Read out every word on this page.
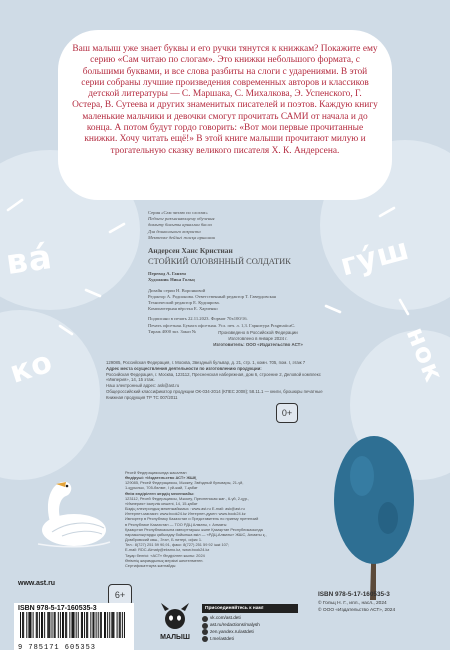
ва́	гу́ш
ко	нок

Ваш малыш уже знает буквы и его ручки тянутся к книжкам? Покажите ему серию «Сам читаю по слогам». Это книжки небольшого формата, с большими буквами, и все слова разбиты на слоги с ударениями. В этой серии собраны лучшие произведения современных авторов и классиков детской литературы — С. Маршака, С. Михалкова, Э. Успенского, Г. Остера, В. Сутеева и других знаменитых писателей и поэтов. Каждую книгу маленькие мальчики и девочки смогут прочитать САМИ от начала и до конца. А потом будут гордо говорить: «Вот мои первые прочитанные книжки. Хочу читать ещё!» В этой книге малыши прочитают милую и трогательную сказку великого писателя Х. К. Андерсена.

Серия «Сам читаю по слогам»
Педагог разъясняющему обучения
дамыту бағыты арналған басла
Для дошкольного возраста
Мектепке дейінгі жасқа арналған
Андерсен Ханс Кристиан
СТОЙКИЙ ОЛОВЯННЫЙ СОЛДАТИК
Перевод А. Ганзен
Художник Ника Гольц
Дизайн серии Н. Воронковой
Редактор А. Родионова. Ответственный редактор Т. Гавердовская
Технический редактор Е. Кудиярова.
Компьютерная вёрстка Е. Харченко
Подписано в печать 22.11.2023. Формат 70x100/16.
Печать офсетная. Бумага офсетная. Усл. печ. л. 1,3. Гарнитура PragmaticaC.
Тираж 4000 экз. Заказ №	Произведено в Российской Федерации
Изготовлено в январе 2024 г.
Изготовитель: ООО «Издательство АСТ»
129085, Российская Федерация, г. Москва, Звездный бульвар, д. 21, стр. 1, комн. 705, пом. I, этаж 7
Адрес места осуществления деятельности по изготовлению продукции:
Российская Федерация, г. Москва, 123112, Пресненская набережная, дом 6, строение 2, Деловой комплекс «Империя», 14, 15 этаж.
Наш электронный адрес: ask@ast.ru
Общероссийский классификатор продукции ОК-034-2014 (КПЕС 2008); 58.11.1 — книги, брошюры печатные
Книжная продукция ТР ТС 007/2011
0+
Ресей Федерациясында жасалған
Өндіруші: «Издательство АСТ» ЖШҚ
129085, Ресей Федерациясы, Мәскеу, Звёздный бульвары, 21-үй,
1-құрылыс, 705-бөлме, I үй-жай, 7-қабат
Өнім өндірілген жердің мекенжайы:
123112, Ресей Федерациясы, Мәскеу, Пресненская жағ., 6-үй, 2-құр.,
«Империя» іскерлік кешені, 14, 15-қабат
Біздің электрондық мекенжайымыз : www.ast.ru E-mail: ask@ast.ru
Интернет-магазин: www.book24.kz Интернет-дүкен: www.book24.kz
Импортер в Республику Казахстан и Представитель по приему претензий
в Республике Казахстан — ТОО РДЦ Алматы, г. Алматы
Қазақстан Республикасына импорттаушы және Қазақстан Республикасында
наразылықтарды қабылдау бойынша өкіл — «РДЦ-Алматы» ЖШС, Алматы қ.,
Домбровский көш., 3«а», Б литері, офис 1.
Тел.: 8(727) 251 59 90,91, факс: 8(727) 251 59 92 ішкі 107;
Е-mail: RDC-Almaty@eksmo.kz, www.book24.kz
Тауар белгісі: «АСТ» Өндірілген жылы: 2024
Өнімнің жарамдылық мерзімі шектелмеген.
Сертификаттауға жатпайды
www.ast.ru
6+
ISBN 978-5-17-160535-3
9 785171 605353
МАЛЫШ
Присоединяйтесь к нам!
vk.com/ast.deti
ast.ru/redactions/malysh
zen.yandex.ru/astdeti
t.me/astdeti
ISBN 978-5-17-160535-3
© Гольц Н. Г., илл., насл., 2024
© ООО «Издательство АСТ», 2024
